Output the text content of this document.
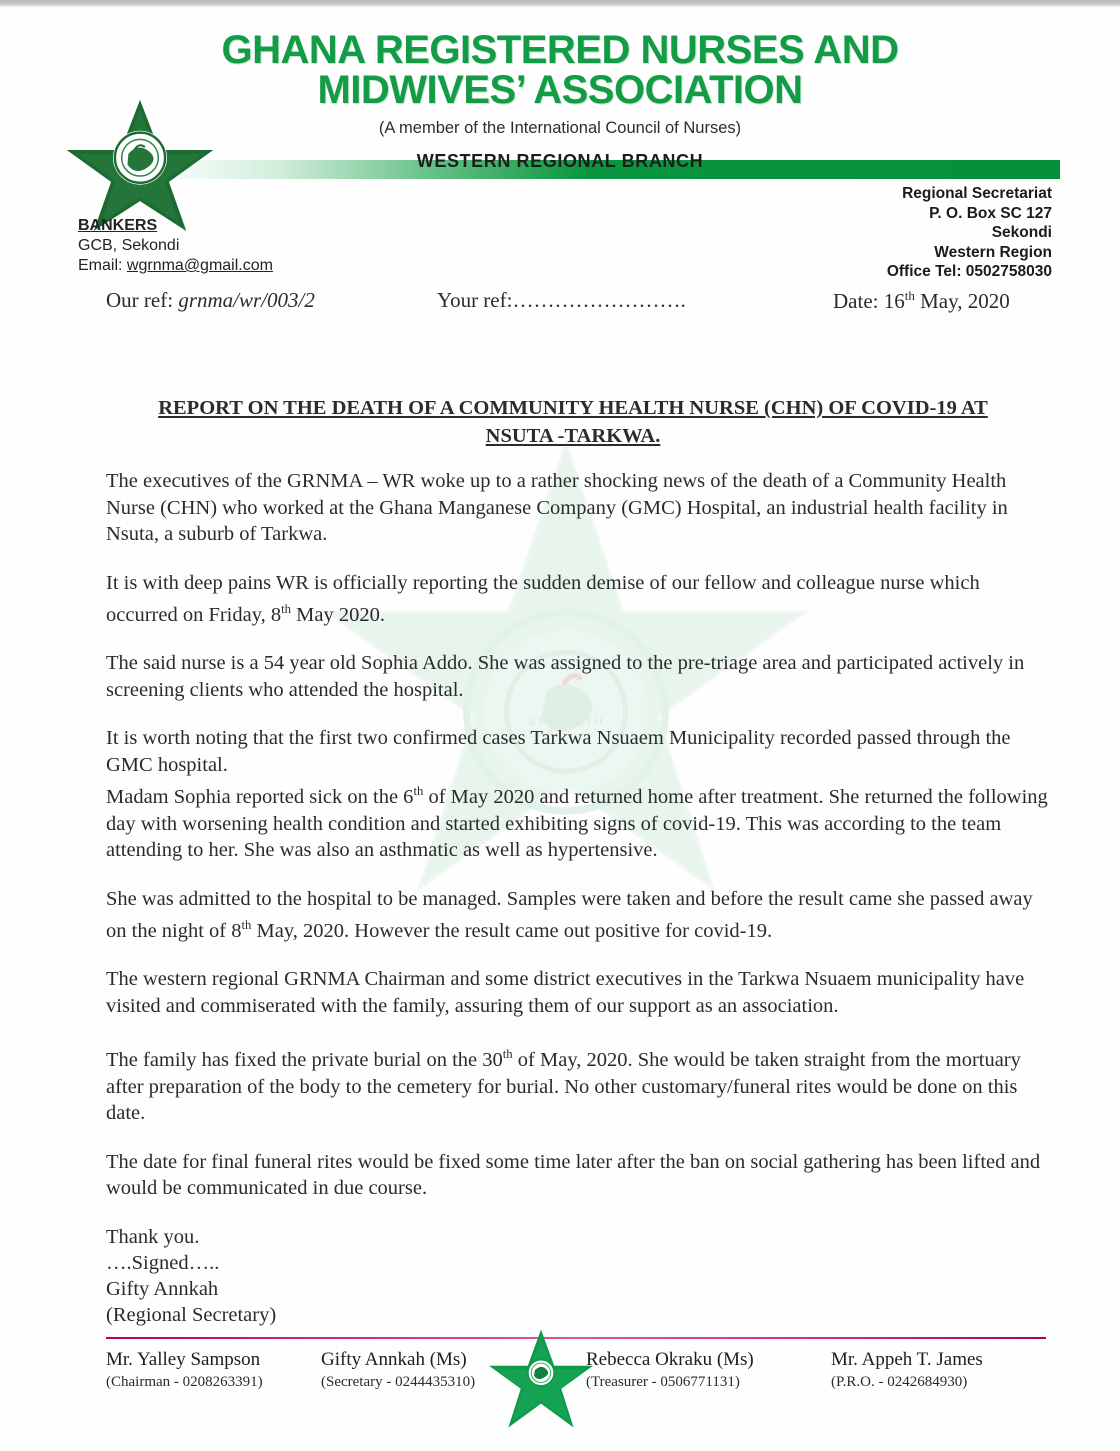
STRENGTH
GHANA REGISTERED NURSES AND
MIDWIVES’ ASSOCIATION
(A member of the International Council of Nurses)
WESTERN REGIONAL BRANCH
BANKERS
GCB, Sekondi
Email: wgrnma@gmail.com
Regional Secretariat
P. O. Box SC 127
Sekondi
Western Region
Office Tel: 0502758030
Our ref: grnma/wr/003/2	Your ref:…………………….	Date: 16th May, 2020
REPORT ON THE DEATH OF A COMMUNITY HEALTH NURSE (CHN) OF COVID-19 AT
NSUTA -TARKWA.

The executives of the GRNMA – WR woke up to a rather shocking news of the death of a Community Health Nurse (CHN) who worked at the Ghana Manganese Company (GMC) Hospital, an industrial health facility in Nsuta, a suburb of Tarkwa.

It is with deep pains WR is officially reporting the sudden demise of our fellow and colleague nurse which occurred on Friday, 8th May 2020.

The said nurse is a 54 year old Sophia Addo. She was assigned to the pre-triage area and participated actively in screening clients who attended the hospital.

It is worth noting that the first two confirmed cases Tarkwa Nsuaem Municipality recorded passed through the GMC hospital.

Madam Sophia reported sick on the 6th of May 2020 and returned home after treatment. She returned the following day with worsening health condition and started exhibiting signs of covid-19. This was according to the team attending to her. She was also an asthmatic as well as hypertensive.

She was admitted to the hospital to be managed. Samples were taken and before the result came she passed away on the night of 8th May, 2020. However the result came out positive for covid-19.

The western regional GRNMA Chairman and some district executives in the Tarkwa Nsuaem municipality have visited and commiserated with the family, assuring them of our support as an association.

The family has fixed the private burial on the 30th of May, 2020. She would be taken straight from the mortuary after preparation of the body to the cemetery for burial. No other customary/funeral rites would be done on this date.

The date for final funeral rites would be fixed some time later after the ban on social gathering has been lifted and would be communicated in due course.

Thank you.
….Signed…..
Gifty Annkah
(Regional Secretary)
Mr. Yalley Sampson
(Chairman - 0208263391)
Gifty Annkah (Ms)
(Secretary - 0244435310)
Rebecca Okraku (Ms)
(Treasurer - 0506771131)
Mr. Appeh T. James
(P.R.O. - 0242684930)
